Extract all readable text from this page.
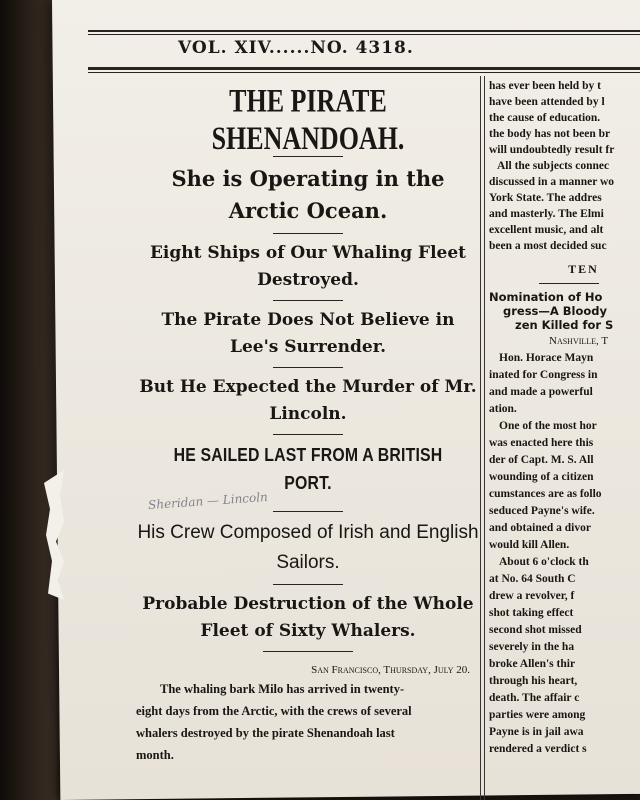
VOL. XIV......NO. 4318.

THE PIRATE SHENANDOAH.

She is Operating in the Arctic Ocean.

Eight Ships of Our Whaling Fleet Destroyed.

The Pirate Does Not Believe in Lee's Surrender.

But He Expected the Murder of Mr. Lincoln.

HE SAILED LAST FROM A BRITISH PORT.

His Crew Composed of Irish and English Sailors.

Probable Destruction of the Whole Fleet of Sixty Whalers.

San Francisco, Thursday, July 20.

The whaling bark Milo has arrived in twenty-
eight days from the Arctic, with the crews of several
whalers destroyed by the pirate Shenandoah last
month.

Sheridan — Lincoln
has ever been held by t
have been attended by l
the cause of education.
the body has not been br
will undoubtedly result fr
All the subjects connec
discussed in a manner wo
York State. The addres
and masterly. The Elmi
excellent music, and alt
been a most decided suc
TEN
Nomination of Ho
gress—A Bloody
zen Killed for S
Nashville, T
Hon. Horace Mayn
inated for Congress in
and made a powerful
ation.
One of the most hor
was enacted here this
der of Capt. M. S. All
wounding of a citizen
cumstances are as follo
seduced Payne's wife.
and obtained a divor
would kill Allen.
About 6 o'clock th
at No. 64 South C
drew a revolver, f
shot taking effect
second shot missed
severely in the ha
broke Allen's thir
through his heart,
death. The affair c
parties were among
Payne is in jail awa
rendered a verdict s
